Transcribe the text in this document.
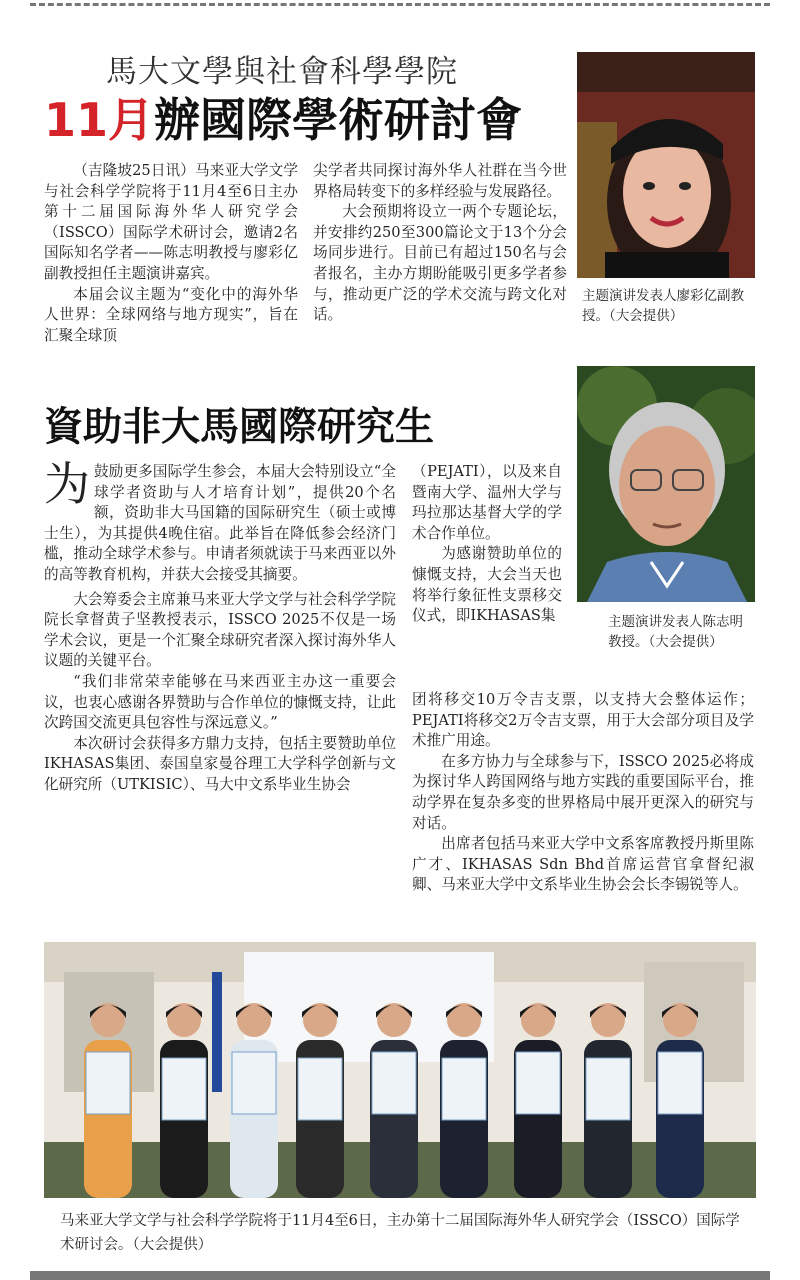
馬大文學與社會科學學院
11月辦國際學術研討會

（吉隆坡25日讯）马来亚大学文学与社会科学学院将于11月4至6日主办第十二届国际海外华人研究学会（ISSCO）国际学术研讨会，邀请2名国际知名学者——陈志明教授与廖彩亿副教授担任主题演讲嘉宾。

本届会议主题为“变化中的海外华人世界：全球网络与地方现实”，旨在汇聚全球顶

尖学者共同探讨海外华人社群在当今世界格局转变下的多样经验与发展路径。

大会预期将设立一两个专题论坛，并安排约250至300篇论文于13个分会场同步进行。目前已有超过150名与会者报名，主办方期盼能吸引更多学者参与，推动更广泛的学术交流与跨文化对话。

主题演讲发表人廖彩亿副教授。（大会提供）
主题演讲发表人陈志明教授。（大会提供）
資助非大馬國際研究生

为鼓励更多国际学生参会，本届大会特别设立“全球学者资助与人才培育计划”，提供20个名额，资助非大马国籍的国际研究生（硕士或博士生），为其提供4晚住宿。此举旨在降低参会经济门槛，推动全球学术参与。申请者须就读于马来西亚以外的高等教育机构，并获大会接受其摘要。

大会筹委会主席兼马来亚大学文学与社会科学学院院长拿督黄子坚教授表示，ISSCO 2025不仅是一场学术会议，更是一个汇聚全球研究者深入探讨海外华人议题的关键平台。

“我们非常荣幸能够在马来西亚主办这一重要会议，也衷心感谢各界赞助与合作单位的慷慨支持，让此次跨国交流更具包容性与深远意义。”

本次研讨会获得多方鼎力支持，包括主要赞助单位IKHASAS集团、泰国皇家曼谷理工大学科学创新与文化研究所（UTKISIC）、马大中文系毕业生协会

（PEJATI），以及来自暨南大学、温州大学与玛拉那达基督大学的学术合作单位。

为感谢赞助单位的慷慨支持，大会当天也将举行象征性支票移交仪式，即IKHASAS集

团将移交10万令吉支票，以支持大会整体运作；PEJATI将移交2万令吉支票，用于大会部分项目及学术推广用途。

在多方协力与全球参与下，ISSCO 2025必将成为探讨华人跨国网络与地方实践的重要国际平台，推动学界在复杂多变的世界格局中展开更深入的研究与对话。

出席者包括马来亚大学中文系客席教授丹斯里陈广才、IKHASAS Sdn Bhd首席运营官拿督纪淑卿、马来亚大学中文系毕业生协会会长李锡锐等人。

马来亚大学文学与社会科学学院将于11月4至6日，主办第十二届国际海外华人研究学会（ISSCO）国际学术研讨会。（大会提供）
